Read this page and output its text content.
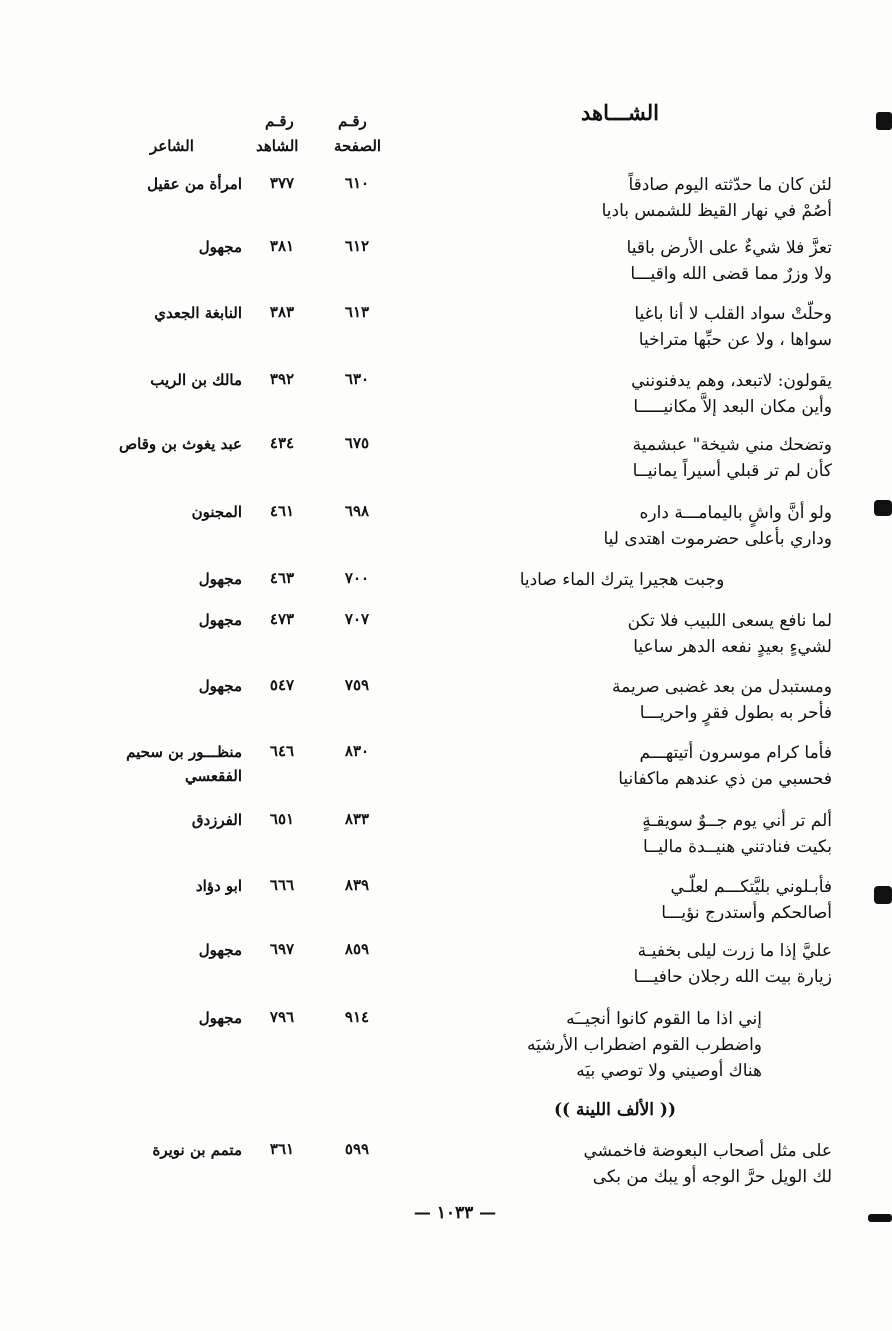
الشـــاهد
رقـم
الصفحة
رقـم
الشاهد
الشاعر
لئن كان ما حدّثته اليوم صادقاً
أصُمْ في نهار القيظ للشمس باديا
٦١٠
٣٧٧
امرأة من عقيل
تعزَّ فلا شيءٌ على الأرض باقيا
ولا وزرٌ مما قضى الله واقيـــا
٦١٢
٣٨١
مجهول
وحلّتْ سواد القلب لا أنا باغيا
سواها ، ولا عن حبِّها متراخيا
٦١٣
٣٨٣
النابغة الجعدي
يقولون: لاتبعد، وهم يدفنونني
وأين مكان البعد إلاَّ مكانيـــــا
٦٣٠
٣٩٢
مالك بن الريب
وتضحك مني شيخة" عبشمية
كأن لم تر قبلي أسيراً يمانيــا
٦٧٥
٤٣٤
عبد يغوث بن وقاص
ولو أنَّ واشٍ باليمامـــة داره
وداري بأعلى حضرموت اهتدى ليا
٦٩٨
٤٦١
المجنون
وجبت هجيرا يترك الماء صاديا
٧٠٠
٤٦٣
مجهول
لما نافع يسعى اللبيب فلا تكن
لشيءٍ بعيدٍ نفعه الدهر ساعيا
٧٠٧
٤٧٣
مجهول
ومستبدل من بعد غضبى صريمة
فأحر به بطول فقرٍ واحريـــا
٧٥٩
٥٤٧
مجهول
فأما كرام موسرون أتيتهـــم
فحسبي من ذي عندهم ماكفانيا
٨٣٠
٦٤٦
منظـــور بن سحيم
الفقعسي
ألم تر أني يوم جــوٌ سويقـةٍ
بكيت فنادتني هنيــدة ماليــا
٨٣٣
٦٥١
الفرزدق
فأبـلوني بليَّتكـــم لعلّـي
أصالحكم وأستدرج نؤيـــا
٨٣٩
٦٦٦
ابو دؤاد
عليَّ إذا ما زرت ليلى بخفيـة
زيارة بيت الله رجلان حافيـــا
٨٥٩
٦٩٧
مجهول
إني اذا ما القوم كانوا أنجيــَه
واضطرب القوم اضطراب الأرشيَه
هناك أوصيني ولا توصي بيَه
٩١٤
٧٩٦
مجهول
على مثل أصحاب البعوضة فاخمشي
لك الويل حرَّ الوجه أو يبك من بكى
٥٩٩
٣٦١
متمم بن نويرة
(( الألف اللينة ))
— ١٠٣٣ —
